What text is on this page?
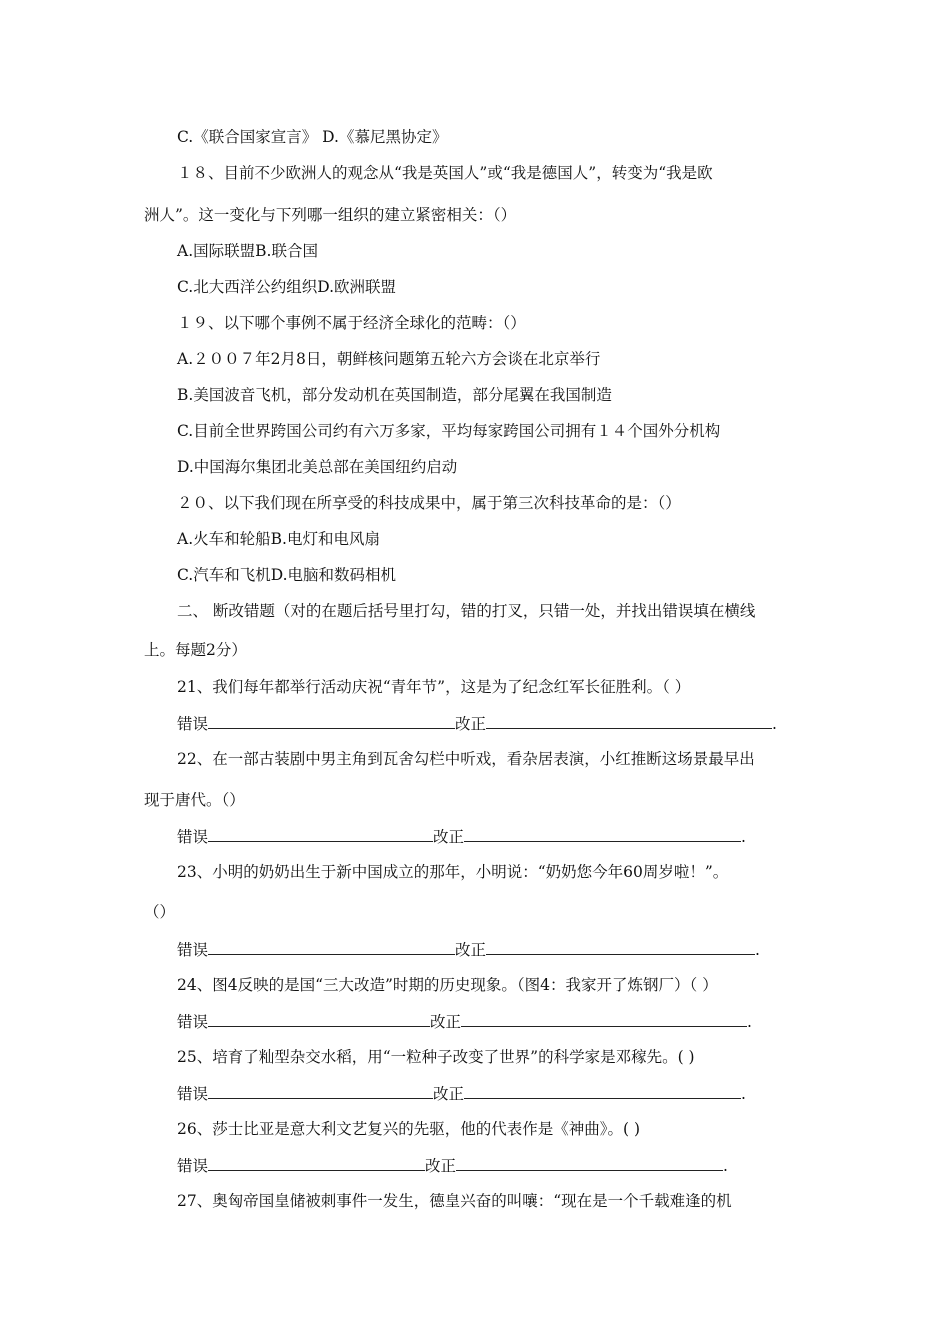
C.《联合国家宣言》 D.《慕尼黑协定》
１８、目前不少欧洲人的观念从“我是英国人”或“我是德国人”，转变为“我是欧
洲人”。这一变化与下列哪一组织的建立紧密相关：（）
A.国际联盟B.联合国
C.北大西洋公约组织D.欧洲联盟
１９、以下哪个事例不属于经济全球化的范畴：（）
A.２００７年2月8日，朝鲜核问题第五轮六方会谈在北京举行
B.美国波音飞机，部分发动机在英国制造，部分尾翼在我国制造
C.目前全世界跨国公司约有六万多家，平均每家跨国公司拥有１４个国外分机构
D.中国海尔集团北美总部在美国纽约启动
２０、以下我们现在所享受的科技成果中，属于第三次科技革命的是：（）
A.火车和轮船B.电灯和电风扇
C.汽车和飞机D.电脑和数码相机
二、 断改错题（对的在题后括号里打勾，错的打叉，只错一处，并找出错误填在横线
上。每题2分）
21、我们每年都举行活动庆祝“青年节”，这是为了纪念红军长征胜利。（ ）
错误	改正	.
22、在一部古装剧中男主角到瓦舍勾栏中听戏，看杂居表演，小红推断这场景最早出
现于唐代。（）
错误	改正	.
23、小明的奶奶出生于新中国成立的那年，小明说：“奶奶您今年60周岁啦！”。
（）
错误	改正	.
24、图4反映的是国“三大改造”时期的历史现象。（图4：我家开了炼钢厂）（ ）
错误	改正	.
25、培育了籼型杂交水稻，用“一粒种子改变了世界”的科学家是邓稼先。( )
错误	改正	.
26、莎士比亚是意大利文艺复兴的先驱，他的代表作是《神曲》。( )
错误	改正	.
27、奥匈帝国皇储被刺事件一发生，德皇兴奋的叫嚷：“现在是一个千载难逢的机
